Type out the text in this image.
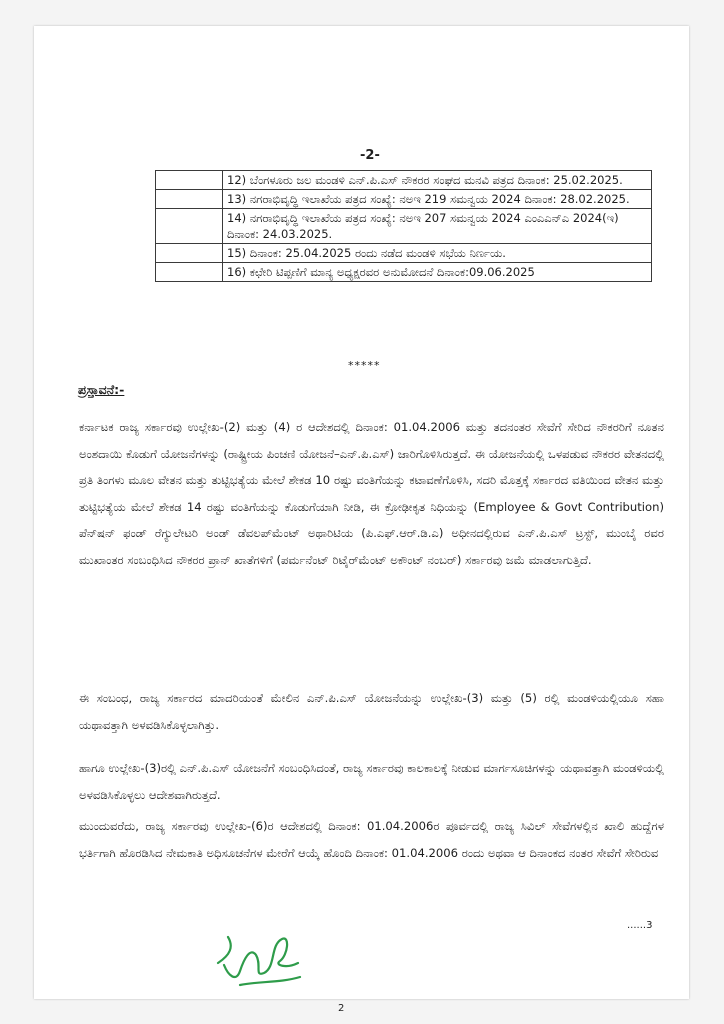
-2-
	12) ಬೆಂಗಳೂರು ಜಲ ಮಂಡಳಿ ಎನ್.ಪಿ.ಎಸ್ ನೌಕರರ ಸಂಘದ ಮನವಿ ಪತ್ರದ ದಿನಾಂಕ: 25.02.2025.
	13) ನಗರಾಭಿವೃದ್ಧಿ ಇಲಾಖೆಯ ಪತ್ರದ ಸಂಖ್ಯೆ: ನಅಇ 219 ಸಮನ್ವಯ 2024 ದಿನಾಂಕ: 28.02.2025.
	14) ನಗರಾಭಿವೃದ್ಧಿ ಇಲಾಖೆಯ ಪತ್ರದ ಸಂಖ್ಯೆ: ನಅಇ 207 ಸಮನ್ವಯ 2024 ಎಂಎಎನ್‌ಎ 2024(ಇ) ದಿನಾಂಕ: 24.03.2025.
	15) ದಿನಾಂಕ: 25.04.2025 ರಂದು ನಡೆದ ಮಂಡಳಿ ಸಭೆಯ ನಿರ್ಣಯ.
	16) ಕಛೇರಿ ಟಿಪ್ಪಣಿಗೆ ಮಾನ್ಯ ಅಧ್ಯಕ್ಷರವರ ಅನುಮೋದನೆ ದಿನಾಂಕ:09.06.2025
*****
ಪ್ರಸ್ತಾವನೆ:-
ಕರ್ನಾಟಕ ರಾಜ್ಯ ಸರ್ಕಾರವು ಉಲ್ಲೇಖ-(2) ಮತ್ತು (4) ರ ಆದೇಶದಲ್ಲಿ ದಿನಾಂಕ: 01.04.2006 ಮತ್ತು ತದನಂತರ ಸೇವೆಗೆ ಸೇರಿದ ನೌಕರರಿಗೆ ನೂತನ ಅಂಶದಾಯಿ ಕೊಡುಗೆ ಯೋಜನೆಗಳನ್ನು (ರಾಷ್ಟ್ರೀಯ ಪಿಂಚಣಿ ಯೋಜನೆ–ಎನ್.ಪಿ.ಎಸ್) ಜಾರಿಗೊಳಿಸಿರುತ್ತದೆ. ಈ ಯೋಜನೆಯಲ್ಲಿ ಒಳಪಡುವ ನೌಕರರ ವೇತನದಲ್ಲಿ ಪ್ರತಿ ತಿಂಗಳು ಮೂಲ ವೇತನ ಮತ್ತು ತುಟ್ಟಿಭತ್ಯೆಯ ಮೇಲೆ ಶೇಕಡ 10 ರಷ್ಟು ವಂತಿಗೆಯನ್ನು ಕಟಾವಣೆಗೊಳಿಸಿ, ಸದರಿ ಮೊತ್ತಕ್ಕೆ ಸರ್ಕಾರದ ವತಿಯಿಂದ ವೇತನ ಮತ್ತು ತುಟ್ಟಿಭತ್ಯೆಯ ಮೇಲೆ ಶೇಕಡ 14 ರಷ್ಟು ವಂತಿಗೆಯನ್ನು ಕೊಡುಗೆಯಾಗಿ ನೀಡಿ, ಈ ಕ್ರೋಢೀಕೃತ ನಿಧಿಯನ್ನು (Employee & Govt Contribution) ಪೆನ್‌ಷನ್ ಫಂಡ್ ರೆಗ್ಯುಲೇಟರಿ ಅಂಡ್ ಡೆವಲಪ್‌ಮೆಂಟ್ ಅಥಾರಿಟಿಯ (ಪಿ.ಎಫ್.ಆರ್.ಡಿ.ಎ) ಅಧೀನದಲ್ಲಿರುವ ಎನ್.ಪಿ.ಎಸ್ ಟ್ರಸ್ಟ್, ಮುಂಬೈ ರವರ ಮುಖಾಂತರ ಸಂಬಂಧಿಸಿದ ನೌಕರರ ಪ್ರಾನ್ ಖಾತೆಗಳಿಗೆ (ಪರ್ಮನೆಂಟ್ ರಿಟೈರ್‌ಮೆಂಟ್ ಅಕೌಂಟ್ ನಂಬರ್) ಸರ್ಕಾರವು ಜಮೆ ಮಾಡಲಾಗುತ್ತಿದೆ.
ಈ ಸಂಬಂಧ, ರಾಜ್ಯ ಸರ್ಕಾರದ ಮಾದರಿಯಂತೆ ಮೇಲಿನ ಎನ್.ಪಿ.ಎಸ್ ಯೋಜನೆಯನ್ನು ಉಲ್ಲೇಖ-(3) ಮತ್ತು (5) ರಲ್ಲಿ ಮಂಡಳಿಯಲ್ಲಿಯೂ ಸಹಾ ಯಥಾವತ್ತಾಗಿ ಅಳವಡಿಸಿಕೊಳ್ಳಲಾಗಿತ್ತು.
ಹಾಗೂ ಉಲ್ಲೇಖ-(3)ರಲ್ಲಿ ಎನ್.ಪಿ.ಎಸ್ ಯೋಜನೆಗೆ ಸಂಬಂಧಿಸಿದಂತೆ, ರಾಜ್ಯ ಸರ್ಕಾರವು ಕಾಲಕಾಲಕ್ಕೆ ನೀಡುವ ಮಾರ್ಗಸೂಚಿಗಳನ್ನು ಯಥಾವತ್ತಾಗಿ ಮಂಡಳಿಯಲ್ಲಿ ಅಳವಡಿಸಿಕೊಳ್ಳಲು ಆದೇಶವಾಗಿರುತ್ತದೆ.
ಮುಂದುವರೆದು, ರಾಜ್ಯ ಸರ್ಕಾರವು ಉಲ್ಲೇಖ-(6)ರ ಆದೇಶದಲ್ಲಿ ದಿನಾಂಕ: 01.04.2006ರ ಪೂರ್ವದಲ್ಲಿ ರಾಜ್ಯ ಸಿವಿಲ್ ಸೇವೆಗಳಲ್ಲಿನ ಖಾಲಿ ಹುದ್ದೆಗಳ ಭರ್ತಿಗಾಗಿ ಹೊರಡಿಸಿದ ನೇಮಕಾತಿ ಅಧಿಸೂಚನೆಗಳ ಮೇರೆಗೆ ಆಯ್ಕೆ ಹೊಂದಿ ದಿನಾಂಕ: 01.04.2006 ರಂದು ಅಥವಾ ಆ ದಿನಾಂಕದ ನಂತರ ಸೇವೆಗೆ ಸೇರಿರುವ
......3
2
